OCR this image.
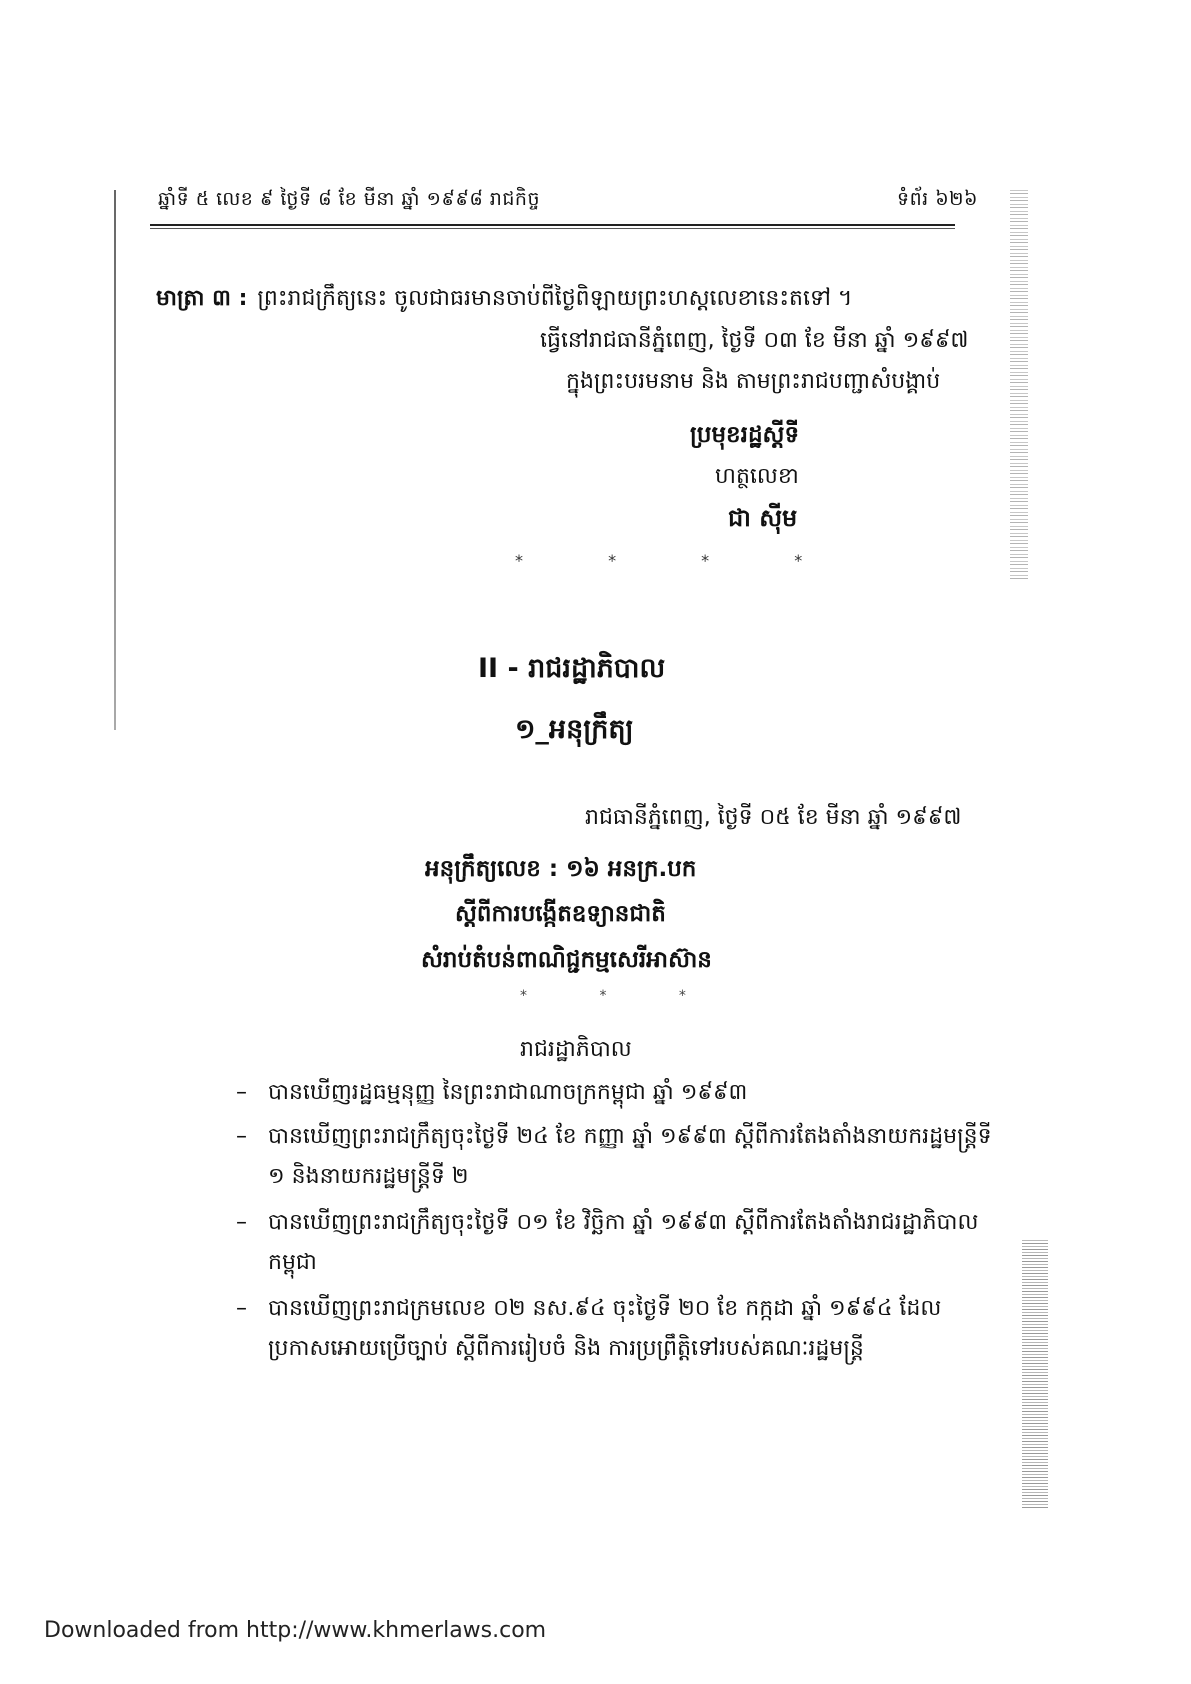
ឆ្នាំទី ៥ លេខ ៩ ថ្ងៃទី ៨ ខែ មីនា ឆ្នាំ ១៩៩៨ រាជកិច្ច	ទំព័រ ៦២៦
មាត្រា ៣ : ព្រះរាជក្រឹត្យនេះ ចូលជាធរមានចាប់ពីថ្ងៃពិឡាយព្រះហស្តលេខានេះតទៅ ។
ធ្វើនៅរាជធានីភ្នំពេញ, ថ្ងៃទី ០៣ ខែ មីនា ឆ្នាំ ១៩៩៧
ក្នុងព្រះបរមនាម និង តាមព្រះរាជបញ្ជាសំបង្គាប់
ប្រមុខរដ្ឋស្តីទី
ហត្ថលេខា
ជា ស៊ីម
* * * *
II - រាជរដ្ឋាភិបាល
១_អនុក្រឹត្យ
រាជធានីភ្នំពេញ, ថ្ងៃទី ០៥ ខែ មីនា ឆ្នាំ ១៩៩៧
អនុក្រឹត្យលេខ : ១៦ អនក្រ.បក
ស្តីពីការបង្កើតឧទ្យានជាតិ
សំរាប់តំបន់ពាណិជ្ជកម្មសេរីអាស៊ាន
* * *
រាជរដ្ឋាភិបាល
– បានឃើញរដ្ឋធម្មនុញ្ញ នៃព្រះរាជាណាចក្រកម្ពុជា ឆ្នាំ ១៩៩៣
– បានឃើញព្រះរាជក្រឹត្យចុះថ្ងៃទី ២៤ ខែ កញ្ញា ឆ្នាំ ១៩៩៣ ស្តីពីការតែងតាំងនាយករដ្ឋមន្ត្រីទី ១ និងនាយករដ្ឋមន្ត្រីទី ២
– បានឃើញព្រះរាជក្រឹត្យចុះថ្ងៃទី ០១ ខែ វិច្ឆិកា ឆ្នាំ ១៩៩៣ ស្តីពីការតែងតាំងរាជរដ្ឋាភិបាលកម្ពុជា
– បានឃើញព្រះរាជក្រមលេខ ០២ នស.៩៤ ចុះថ្ងៃទី ២០ ខែ កក្កដា ឆ្នាំ ១៩៩៤ ដែលប្រកាសអោយប្រើច្បាប់ ស្តីពីការរៀបចំ និង ការប្រព្រឹត្តិទៅរបស់គណៈរដ្ឋមន្ត្រី
Downloaded from http://www.khmerlaws.com
